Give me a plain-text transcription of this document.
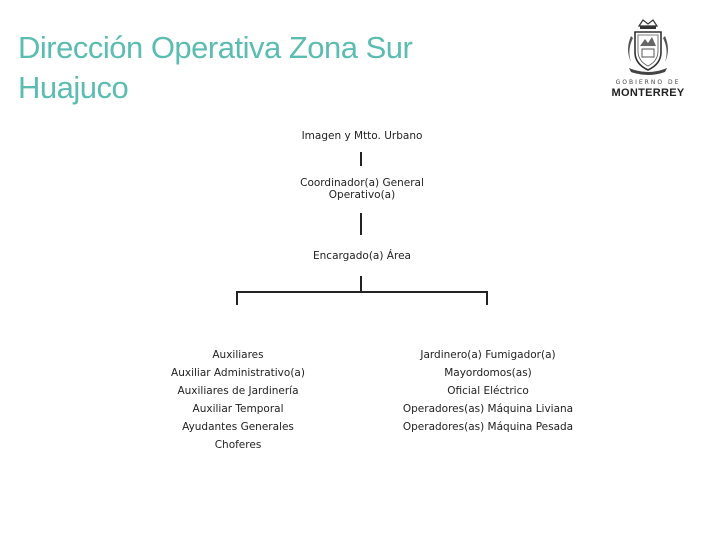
Dirección Operativa Zona Sur
Huajuco	GOBIERNO DE
MONTERREY
Imagen y Mtto. Urbano
Coordinador(a) General
Operativo(a)
Encargado(a) Área
Auxiliares
Auxiliar Administrativo(a)
Auxiliares de Jardinería
Auxiliar Temporal
Ayudantes Generales
Choferes
Jardinero(a) Fumigador(a)
Mayordomos(as)
Oficial Eléctrico
Operadores(as) Máquina Liviana
Operadores(as) Máquina Pesada
